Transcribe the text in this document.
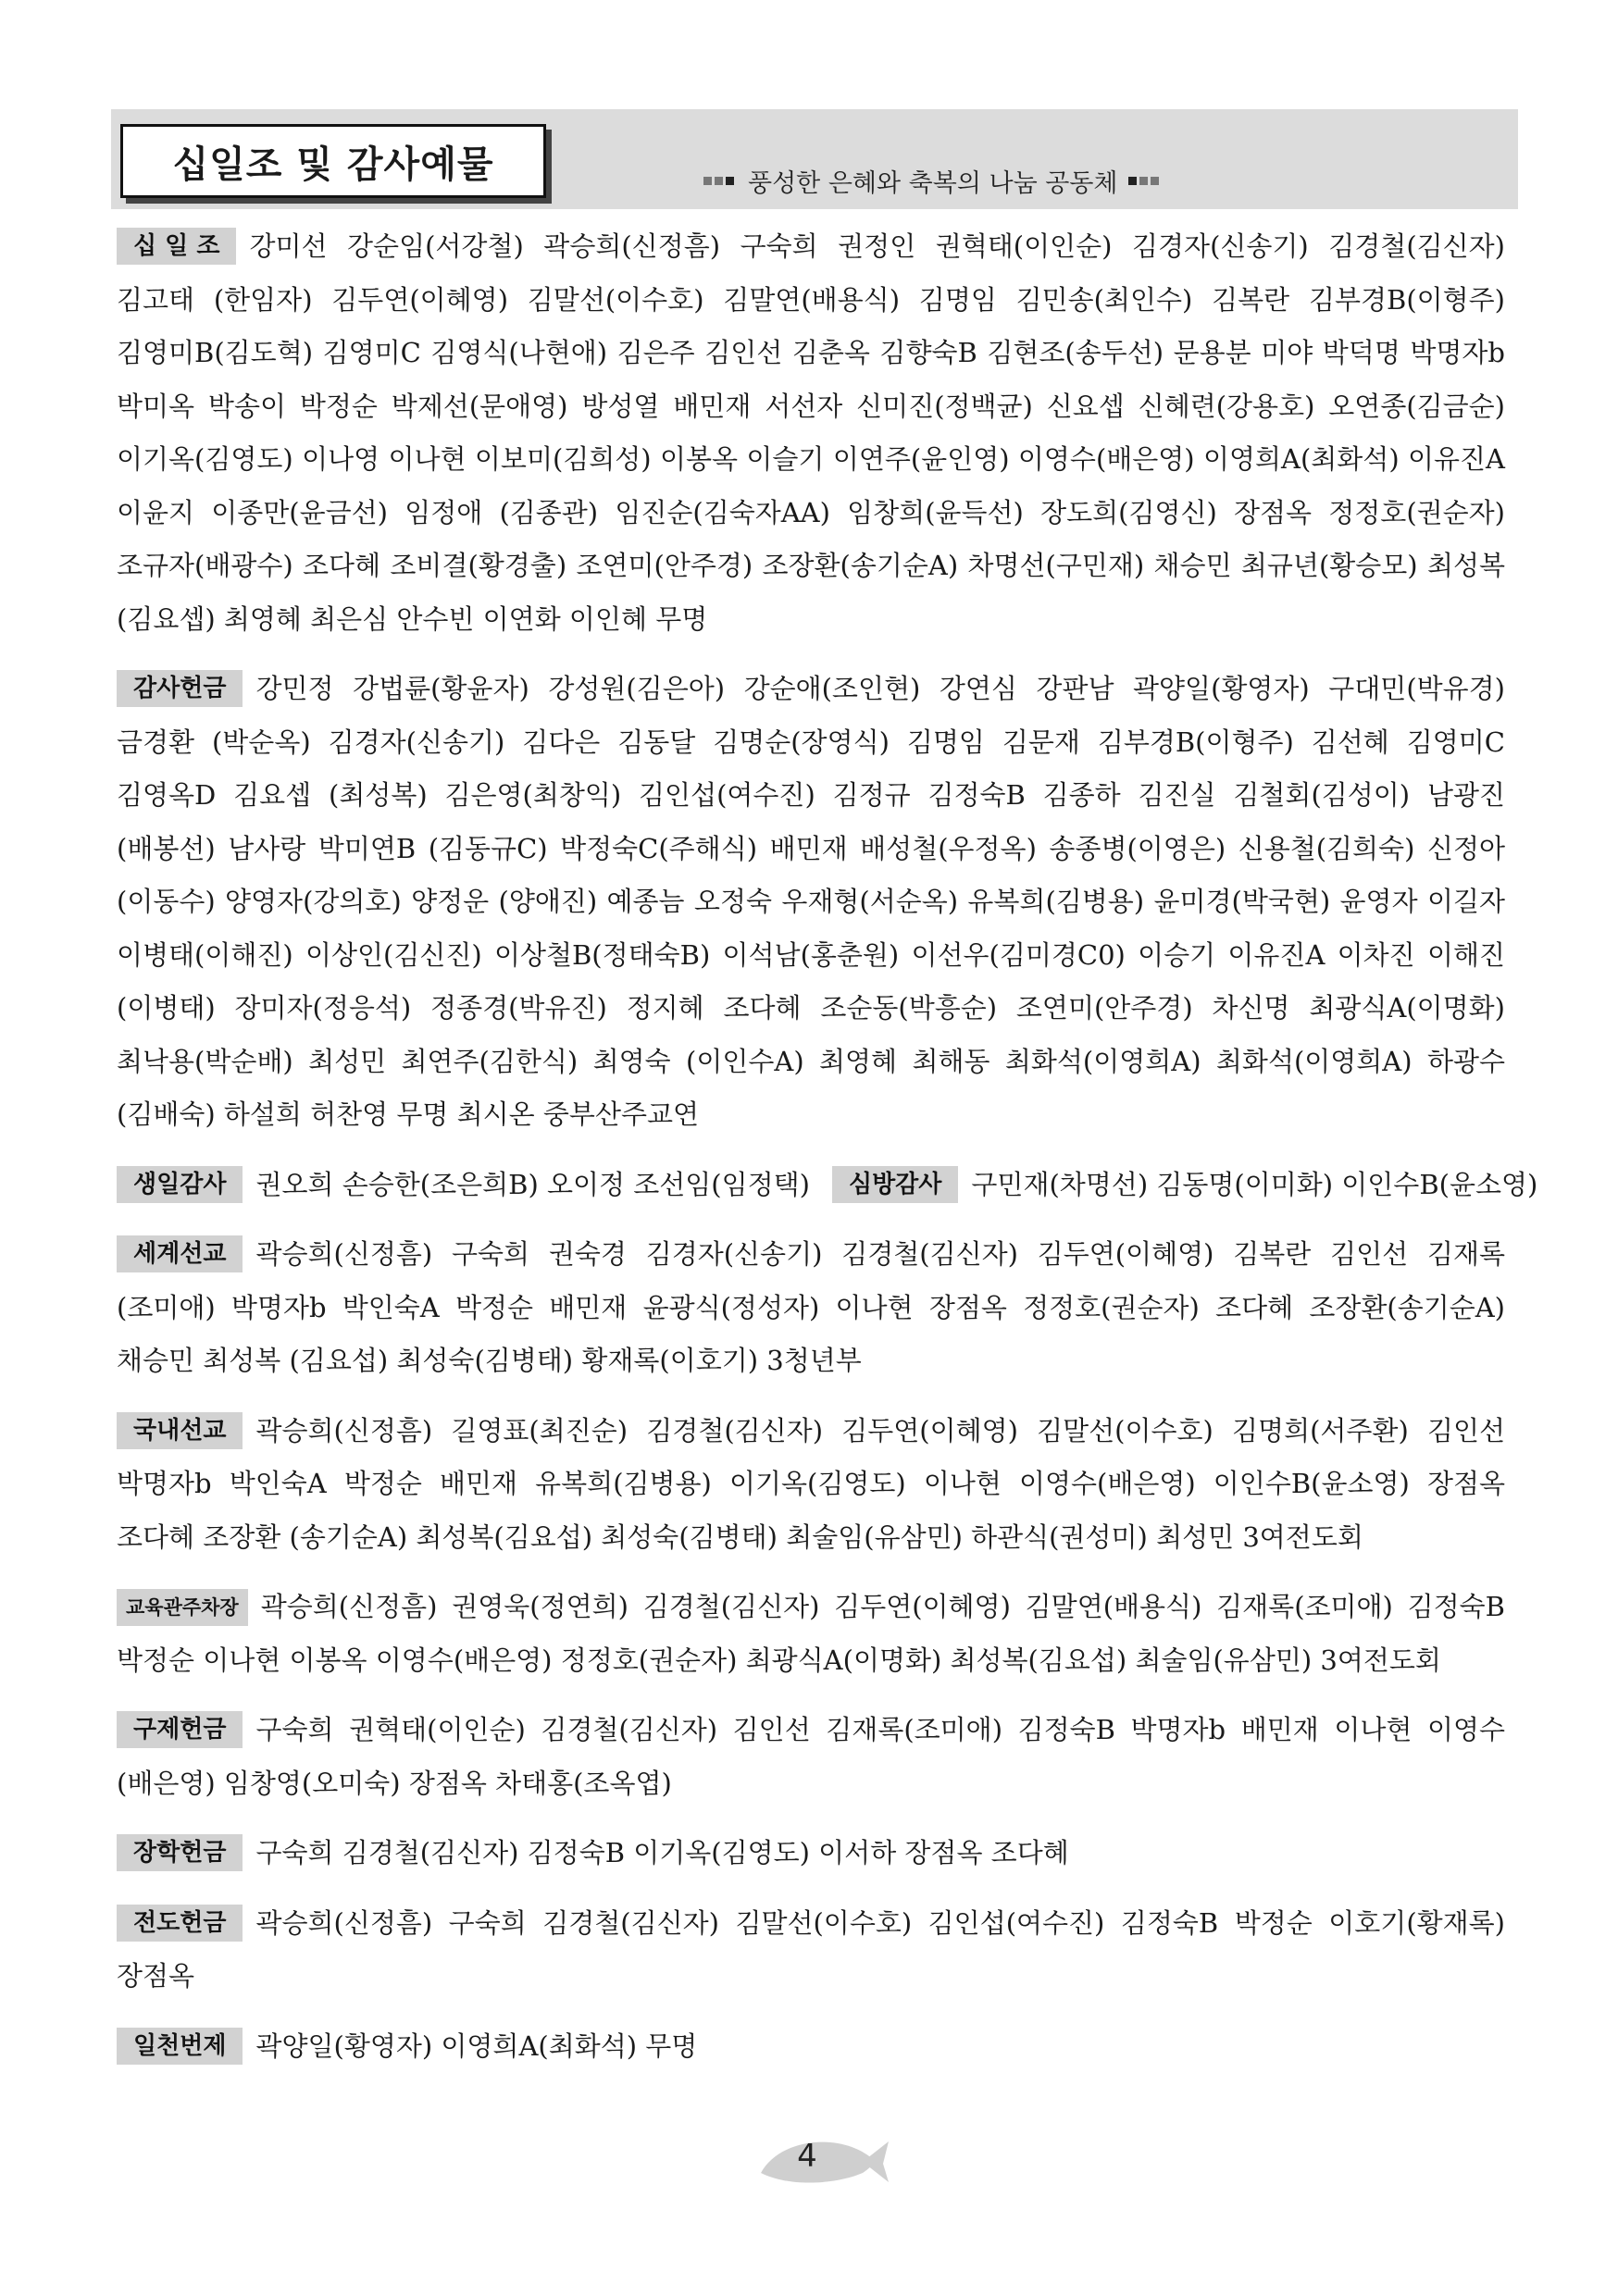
십일조 및 감사예물	풍성한 은혜와 축복의 나눔 공동체

십 일 조 강미선 강순임(서강철) 곽승희(신정흠) 구숙희 권정인 권혁태(이인순) 김경자(신송기) 김경철(김신자) 김고태 (한임자) 김두연(이혜영) 김말선(이수호) 김말연(배용식) 김명임 김민송(최인수) 김복란 김부경B(이형주) 김영미B(김도혁) 김영미C 김영식(나현애) 김은주 김인선 김춘옥 김향숙B 김현조(송두선) 문용분 미야 박덕명 박명자b 박미옥 박송이 박정순 박제선(문애영) 방성열 배민재 서선자 신미진(정백균) 신요셉 신혜련(강용호) 오연종(김금순) 이기옥(김영도) 이나영 이나현 이보미(김희성) 이봉옥 이슬기 이연주(윤인영) 이영수(배은영) 이영희A(최화석) 이유진A 이윤지 이종만(윤금선) 임정애 (김종관) 임진순(김숙자AA) 임창희(윤득선) 장도희(김영신) 장점옥 정정호(권순자) 조규자(배광수) 조다혜 조비결(황경출) 조연미(안주경) 조장환(송기순A) 차명선(구민재) 채승민 최규년(황승모) 최성복(김요셉) 최영혜 최은심 안수빈 이연화 이인혜 무명

감사헌금 강민정 강법륜(황윤자) 강성원(김은아) 강순애(조인현) 강연심 강판남 곽양일(황영자) 구대민(박유경) 금경환 (박순옥) 김경자(신송기) 김다은 김동달 김명순(장영식) 김명임 김문재 김부경B(이형주) 김선혜 김영미C 김영옥D 김요셉 (최성복) 김은영(최창익) 김인섭(여수진) 김정규 김정숙B 김종하 김진실 김철회(김성이) 남광진(배봉선) 남사랑 박미연B (김동규C) 박정숙C(주해식) 배민재 배성철(우정옥) 송종병(이영은) 신용철(김희숙) 신정아(이동수) 양영자(강의호) 양정운 (양애진) 예종늠 오정숙 우재형(서순옥) 유복희(김병용) 윤미경(박국현) 윤영자 이길자 이병태(이해진) 이상인(김신진) 이상철B(정태숙B) 이석남(홍춘원) 이선우(김미경C0) 이승기 이유진A 이차진 이해진(이병태) 장미자(정응석) 정종경(박유진) 정지혜 조다혜 조순동(박흥순) 조연미(안주경) 차신명 최광식A(이명화) 최낙용(박순배) 최성민 최연주(김한식) 최영숙 (이인수A) 최영혜 최해동 최화석(이영희A) 최화석(이영희A) 하광수(김배숙) 하설희 허찬영 무명 최시온 중부산주교연

생일감사 권오희 손승한(조은희B) 오이정 조선임(임정택) 심방감사 구민재(차명선) 김동명(이미화) 이인수B(윤소영)

세계선교 곽승희(신정흠) 구숙희 권숙경 김경자(신송기) 김경철(김신자) 김두연(이혜영) 김복란 김인선 김재록(조미애) 박명자b 박인숙A 박정순 배민재 윤광식(정성자) 이나현 장점옥 정정호(권순자) 조다혜 조장환(송기순A) 채승민 최성복 (김요섭) 최성숙(김병태) 황재록(이호기) 3청년부

국내선교 곽승희(신정흠) 길영표(최진순) 김경철(김신자) 김두연(이혜영) 김말선(이수호) 김명희(서주환) 김인선 박명자b 박인숙A 박정순 배민재 유복희(김병용) 이기옥(김영도) 이나현 이영수(배은영) 이인수B(윤소영) 장점옥 조다혜 조장환 (송기순A) 최성복(김요섭) 최성숙(김병태) 최술임(유삼민) 하관식(권성미) 최성민 3여전도회

교육관주차장 곽승희(신정흠) 권영욱(정연희) 김경철(김신자) 김두연(이혜영) 김말연(배용식) 김재록(조미애) 김정숙B 박정순 이나현 이봉옥 이영수(배은영) 정정호(권순자) 최광식A(이명화) 최성복(김요섭) 최술임(유삼민) 3여전도회

구제헌금 구숙희 권혁태(이인순) 김경철(김신자) 김인선 김재록(조미애) 김정숙B 박명자b 배민재 이나현 이영수(배은영) 임창영(오미숙) 장점옥 차태홍(조옥엽)

장학헌금 구숙희 김경철(김신자) 김정숙B 이기옥(김영도) 이서하 장점옥 조다혜

전도헌금 곽승희(신정흠) 구숙희 김경철(김신자) 김말선(이수호) 김인섭(여수진) 김정숙B 박정순 이호기(황재록) 장점옥

일천번제 곽양일(황영자) 이영희A(최화석) 무명

4
